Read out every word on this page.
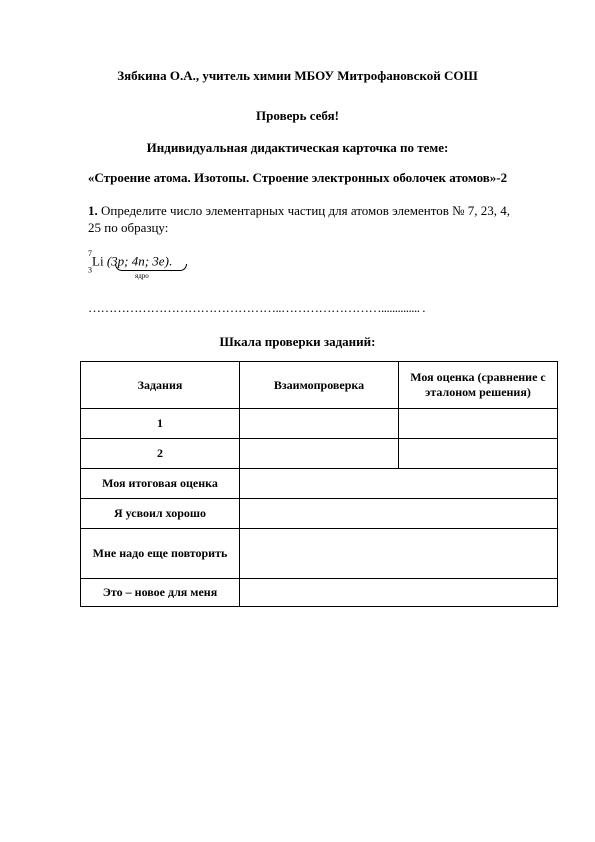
Зябкина О.А., учитель химии МБОУ Митрофановской СОШ
Проверь себя!
Индивидуальная дидактическая карточка по теме:
«Строение атома. Изотопы. Строение электронных оболочек атомов»-2
1. Определите число элементарных частиц для атомов элементов № 7, 23, 4, 25 по образцу:
$^7$
$_3$Li (3p; 4n; 3e).
ядро
………………………………………..…………………….............. .
Шкала проверки заданий:
Задания	Взаимопроверка	Моя оценка (сравнение с эталоном решения)
1		
2		
Моя итоговая оценка		
Я усвоил хорошо		
Мне надо еще повторить		
Это – новое для меня		
